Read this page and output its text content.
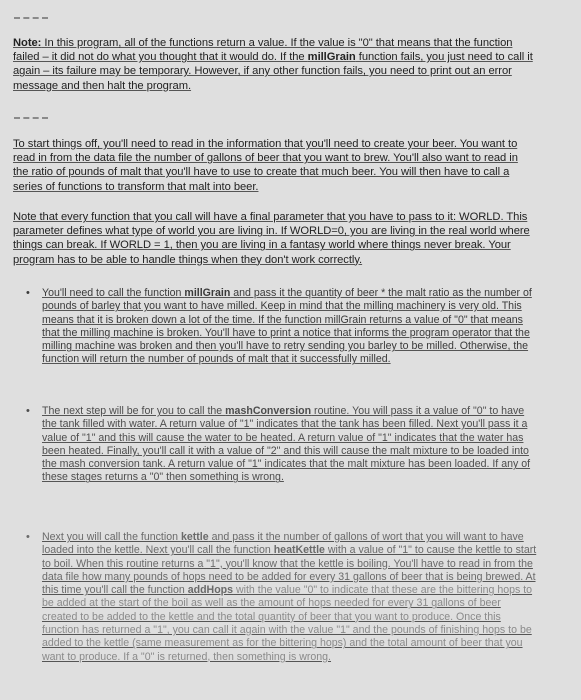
Note: In this program, all of the functions return a value. If the value is "0" that means that the function failed – it did not do what you thought that it would do. If the millGrain function fails, you just need to call it again – its failure may be temporary. However, if any other function fails, you need to print out an error message and then halt the program.
To start things off, you'll need to read in the information that you'll need to create your beer. You want to read in from the data file the number of gallons of beer that you want to brew. You'll also want to read in the ratio of pounds of malt that you'll have to use to create that much beer. You will then have to call a series of functions to transform that malt into beer.
Note that every function that you call will have a final parameter that you have to pass to it: WORLD. This parameter defines what type of world you are living in. If WORLD=0, you are living in the real world where things can break. If WORLD = 1, then you are living in a fantasy world where things never break. Your program has to be able to handle things when they don't work correctly.
• You'll need to call the function millGrain and pass it the quantity of beer * the malt ratio as the number of pounds of barley that you want to have milled. Keep in mind that the milling machinery is very old. This means that it is broken down a lot of the time. If the function millGrain returns a value of "0" that means that the milling machine is broken. You'll have to print a notice that informs the program operator that the milling machine was broken and then you'll have to retry sending you barley to be milled. Otherwise, the function will return the number of pounds of malt that it successfully milled.
• The next step will be for you to call the mashConversion routine. You will pass it a value of "0" to have the tank filled with water. A return value of "1" indicates that the tank has been filled. Next you'll pass it a value of "1" and this will cause the water to be heated. A return value of "1" indicates that the water has been heated. Finally, you'll call it with a value of "2" and this will cause the malt mixture to be loaded into the mash conversion tank. A return value of "1" indicates that the malt mixture has been loaded. If any of these stages returns a "0" then something is wrong.
• Next you will call the function kettle and pass it the number of gallons of wort that you will want to have loaded into the kettle. Next you'll call the function heatKettle with a value of "1" to cause the kettle to start to boil. When this routine returns a "1", you'll know that the kettle is boiling. You'll have to read in from the data file how many pounds of hops need to be added for every 31 gallons of beer that is being brewed. At this time you'll call the function addHops with the value "0" to indicate that these are the bittering hops to be added at the start of the boil as well as the amount of hops needed for every 31 gallons of beer created to be added to the kettle and the total quantity of beer that you want to produce. Once this function has returned a "1", you can call it again with the value "1" and the pounds of finishing hops to be added to the kettle (same measurement as for the bittering hops) and the total amount of beer that you want to produce. If a "0" is returned, then something is wrong.
